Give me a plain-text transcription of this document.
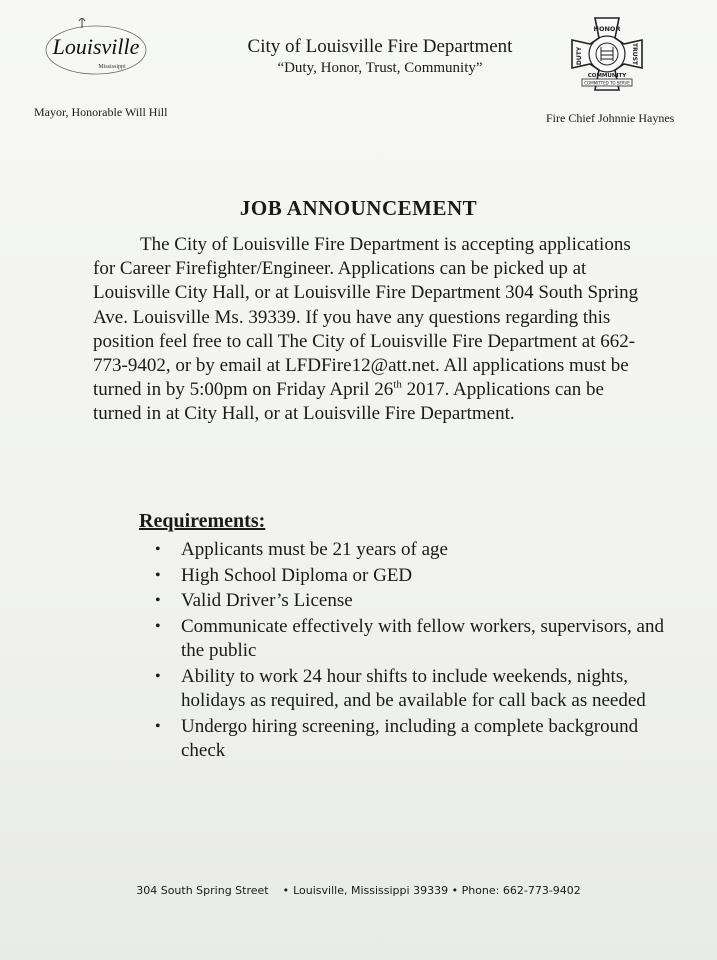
Louisville
Mississippi
City of Louisville Fire Department
“Duty, Honor, Trust, Community”
HONOR
DUTY	TRUST
COMMUNITY
COMMITTED TO SERVE
Mayor, Honorable Will Hill	Fire Chief Johnnie Haynes
JOB ANNOUNCEMENT

The City of Louisville Fire Department is accepting applications for Career Firefighter/Engineer. Applications can be picked up at Louisville City Hall, or at Louisville Fire Department 304 South Spring Ave. Louisville Ms. 39339. If you have any questions regarding this position feel free to call The City of Louisville Fire Department at 662-773-9402, or by email at LFDFire12@att.net. All applications must be turned in by 5:00pm on Friday April 26th 2017. Applications can be turned in at City Hall, or at Louisville Fire Department.

Requirements:
• Applicants must be 21 years of age
• High School Diploma or GED
• Valid Driver’s License
• Communicate effectively with fellow workers, supervisors, and the public
• Ability to work 24 hour shifts to include weekends, nights, holidays as required, and be available for call back as needed
• Undergo hiring screening, including a complete background check
304 South Spring Street • Louisville, Mississippi 39339 • Phone: 662-773-9402
